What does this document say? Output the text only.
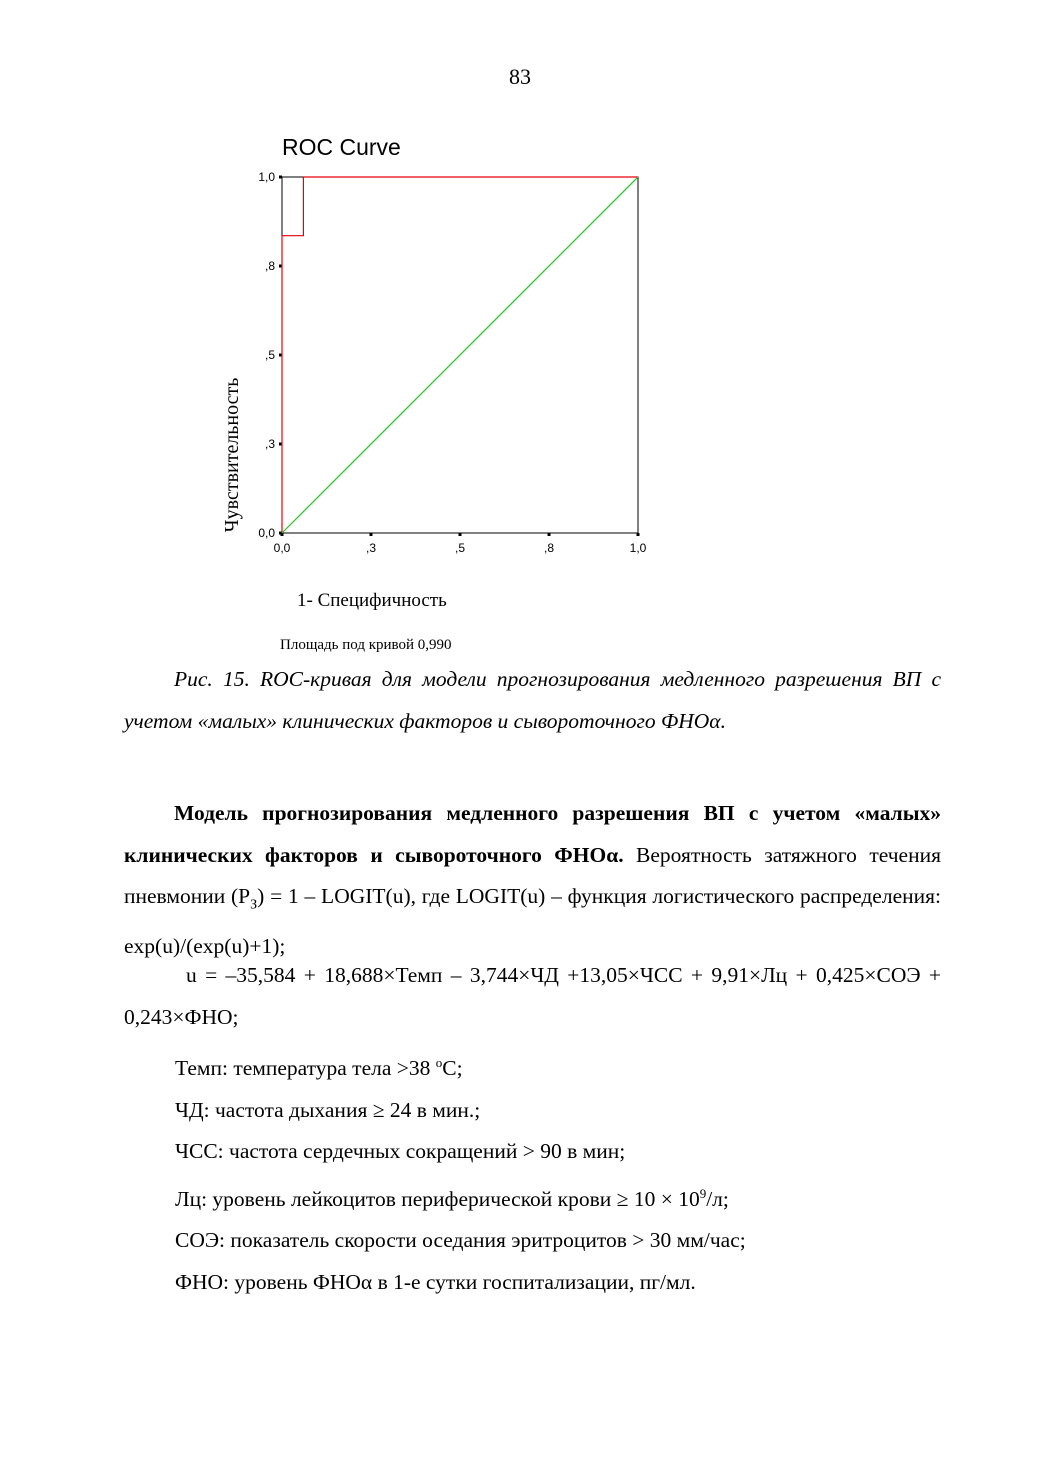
83
ROC Curve
0,0
,3
,5
,8
1,0
0,0	,3	,5	,8	1,0
Чувствительность
1- Специфичность
Площадь под кривой 0,990
Рис. 15. ROC-кривая для модели прогнозирования медленного разрешения ВП с учетом «малых» клинических факторов и сывороточного ФНОα.
Модель прогнозирования медленного разрешения ВП с учетом «малых» клинических факторов и сывороточного ФНОα. Вероятность затяжного течения пневмонии $(Р_З) = 1$ – LOGIT(u), где LOGIT(u) – функция логистического распределения: exp(u)/(exp(u)+1);
u = –35,584 + 18,688×Темп – 3,744×ЧД +13,05×ЧСС + 9,91×Лц + 0,425×СОЭ + 0,243×ФНО;
Темп: температура тела >38 $^о$С;
ЧД: частота дыхания ≥ 24 в мин.;
ЧСС: частота сердечных сокращений > 90 в мин;
Лц: уровень лейкоцитов периферической крови ≥ $10 \times 10^9/л$;
СОЭ: показатель скорости оседания эритроцитов > 30 мм/час;
ФНО: уровень ФНОα в 1-е сутки госпитализации, пг/мл.
